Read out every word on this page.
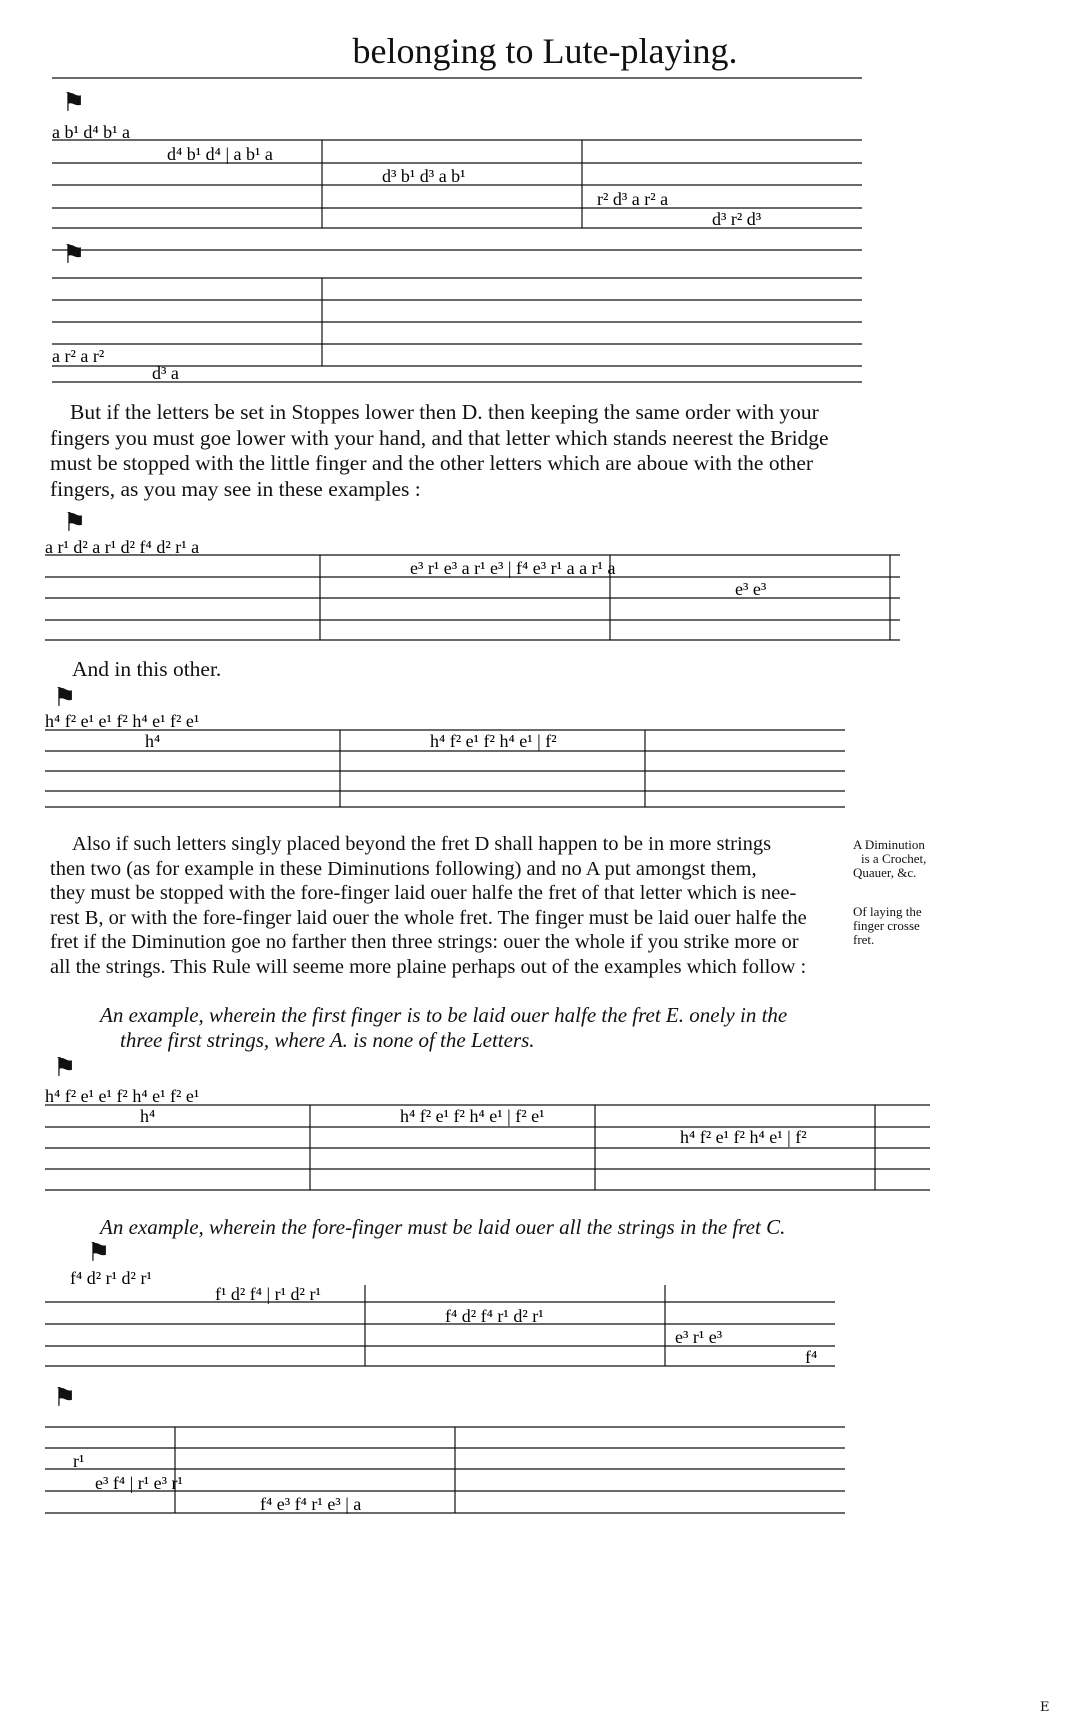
belonging to Lute-playing.
⚑
a b¹ d⁴ b¹ a
d⁴ b¹ d⁴ | a b¹ a
d³ b¹ d³ a b¹
r² d³ a r² a
d³ r² d³
⚑
a r² a r²
d³ a

But if the letters be set in Stoppes lower then D. then keeping the same order with your

fingers you must goe lower with your hand, and that letter which stands neerest the Bridge

must be stopped with the little finger and the other letters which are aboue with the other

fingers, as you may see in these examples :

⚑
a r¹ d² a r¹ d² f⁴ d² r¹ a
e³ r¹ e³ a r¹ e³ | f⁴ e³ r¹ a a r¹ a
e³ e³

And in this other.

⚑
h⁴ f² e¹ e¹ f² h⁴ e¹ f² e¹
h⁴	h⁴ f² e¹ f² h⁴ e¹ | f²

Also if such letters singly placed beyond the fret D shall happen to be in more strings

then two (as for example in these Diminutions following) and no A put amongst them,

they must be stopped with the fore-finger laid ouer halfe the fret of that letter which is nee-

rest B, or with the fore-finger laid ouer the whole fret. The finger must be laid ouer halfe the

fret if the Diminution goe no farther then three strings: ouer the whole if you strike more or

all the strings. This Rule will seeme more plaine perhaps out of the examples which follow :

A Diminution
is a Crochet,
Quauer, &c.
Of laying the
finger crosse
fret.

An example, wherein the first finger is to be laid ouer halfe the fret E. onely in the

three first strings, where A. is none of the Letters.

⚑
h⁴ f² e¹ e¹ f² h⁴ e¹ f² e¹
h⁴	h⁴ f² e¹ f² h⁴ e¹ | f² e¹
h⁴ f² e¹ f² h⁴ e¹ | f²

An example, wherein the fore-finger must be laid ouer all the strings in the fret C.

⚑
f⁴ d² r¹ d² r¹
f¹ d² f⁴ | r¹ d² r¹
f⁴ d² f⁴ r¹ d² r¹
e³ r¹ e³
f⁴
⚑
r¹
e³ f⁴ | r¹ e³ r¹
f⁴ e³ f⁴ r¹ e³ | a
E
